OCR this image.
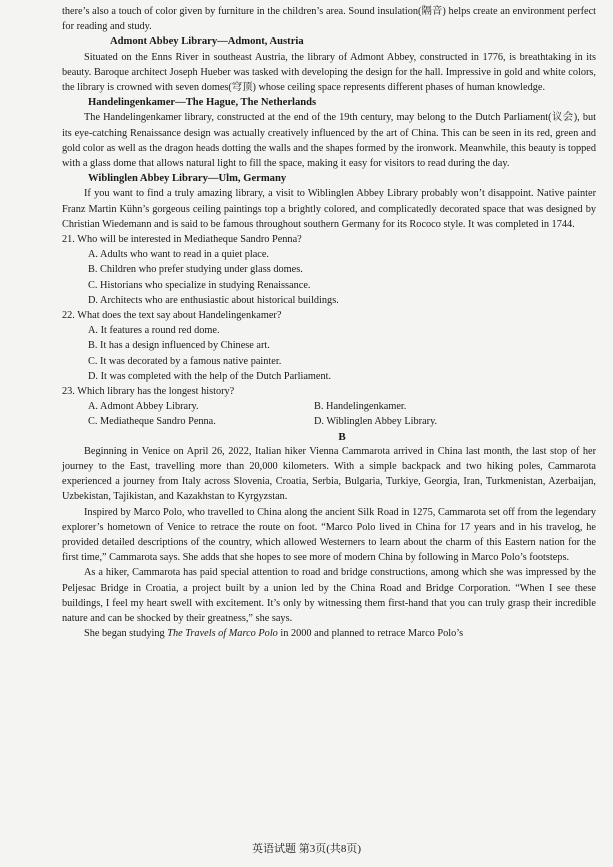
there’s also a touch of color given by furniture in the children’s area. Sound insulation(隔音) helps create an environment perfect for reading and study.

Admont Abbey Library—Admont, Austria

Situated on the Enns River in southeast Austria, the library of Admont Abbey, constructed in 1776, is breathtaking in its beauty. Baroque architect Joseph Hueber was tasked with developing the design for the hall. Impressive in gold and white colors, the library is crowned with seven domes(穹顶) whose ceiling space represents different phases of human knowledge.

Handelingenkamer—The Hague, The Netherlands

The Handelingenkamer library, constructed at the end of the 19th century, may belong to the Dutch Parliament(议会), but its eye-catching Renaissance design was actually creatively influenced by the art of China. This can be seen in its red, green and gold color as well as the dragon heads dotting the walls and the shapes formed by the ironwork. Meanwhile, this beauty is topped with a glass dome that allows natural light to fill the space, making it easy for visitors to read during the day.

Wiblinglen Abbey Library—Ulm, Germany

If you want to find a truly amazing library, a visit to Wiblinglen Abbey Library probably won’t disappoint. Native painter Franz Martin Kühn’s gorgeous ceiling paintings top a brightly colored, and complicatedly decorated space that was designed by Christian Wiedemann and is said to be famous throughout southern Germany for its Rococo style. It was completed in 1744.

21. Who will be interested in Mediatheque Sandro Penna?

A. Adults who want to read in a quiet place.

B. Children who prefer studying under glass domes.

C. Historians who specialize in studying Renaissance.

D. Architects who are enthusiastic about historical buildings.

22. What does the text say about Handelingenkamer?

A. It features a round red dome.

B. It has a design influenced by Chinese art.

C. It was decorated by a famous native painter.

D. It was completed with the help of the Dutch Parliament.

23. Which library has the longest history?

A. Admont Abbey Library.	B. Handelingenkamer.
C. Mediatheque Sandro Penna.	D. Wiblinglen Abbey Library.

B

Beginning in Venice on April 26, 2022, Italian hiker Vienna Cammarota arrived in China last month, the last stop of her journey to the East, travelling more than 20,000 kilometers. With a simple backpack and two hiking poles, Cammarota experienced a journey from Italy across Slovenia, Croatia, Serbia, Bulgaria, Turkiye, Georgia, Iran, Turkmenistan, Azerbaijan, Uzbekistan, Tajikistan, and Kazakhstan to Kyrgyzstan.

Inspired by Marco Polo, who travelled to China along the ancient Silk Road in 1275, Cammarota set off from the legendary explorer’s hometown of Venice to retrace the route on foot. “Marco Polo lived in China for 17 years and in his travelog, he provided detailed descriptions of the country, which allowed Westerners to learn about the charm of this Eastern nation for the first time,” Cammarota says. She adds that she hopes to see more of modern China by following in Marco Polo’s footsteps.

As a hiker, Cammarota has paid special attention to road and bridge constructions, among which she was impressed by the Peljesac Bridge in Croatia, a project built by a union led by the China Road and Bridge Corporation. “When I see these buildings, I feel my heart swell with excitement. It’s only by witnessing them first-hand that you can truly grasp their incredible nature and can be shocked by their greatness,” she says.

She began studying The Travels of Marco Polo in 2000 and planned to retrace Marco Polo’s

英语试题 第3页(共8页)
